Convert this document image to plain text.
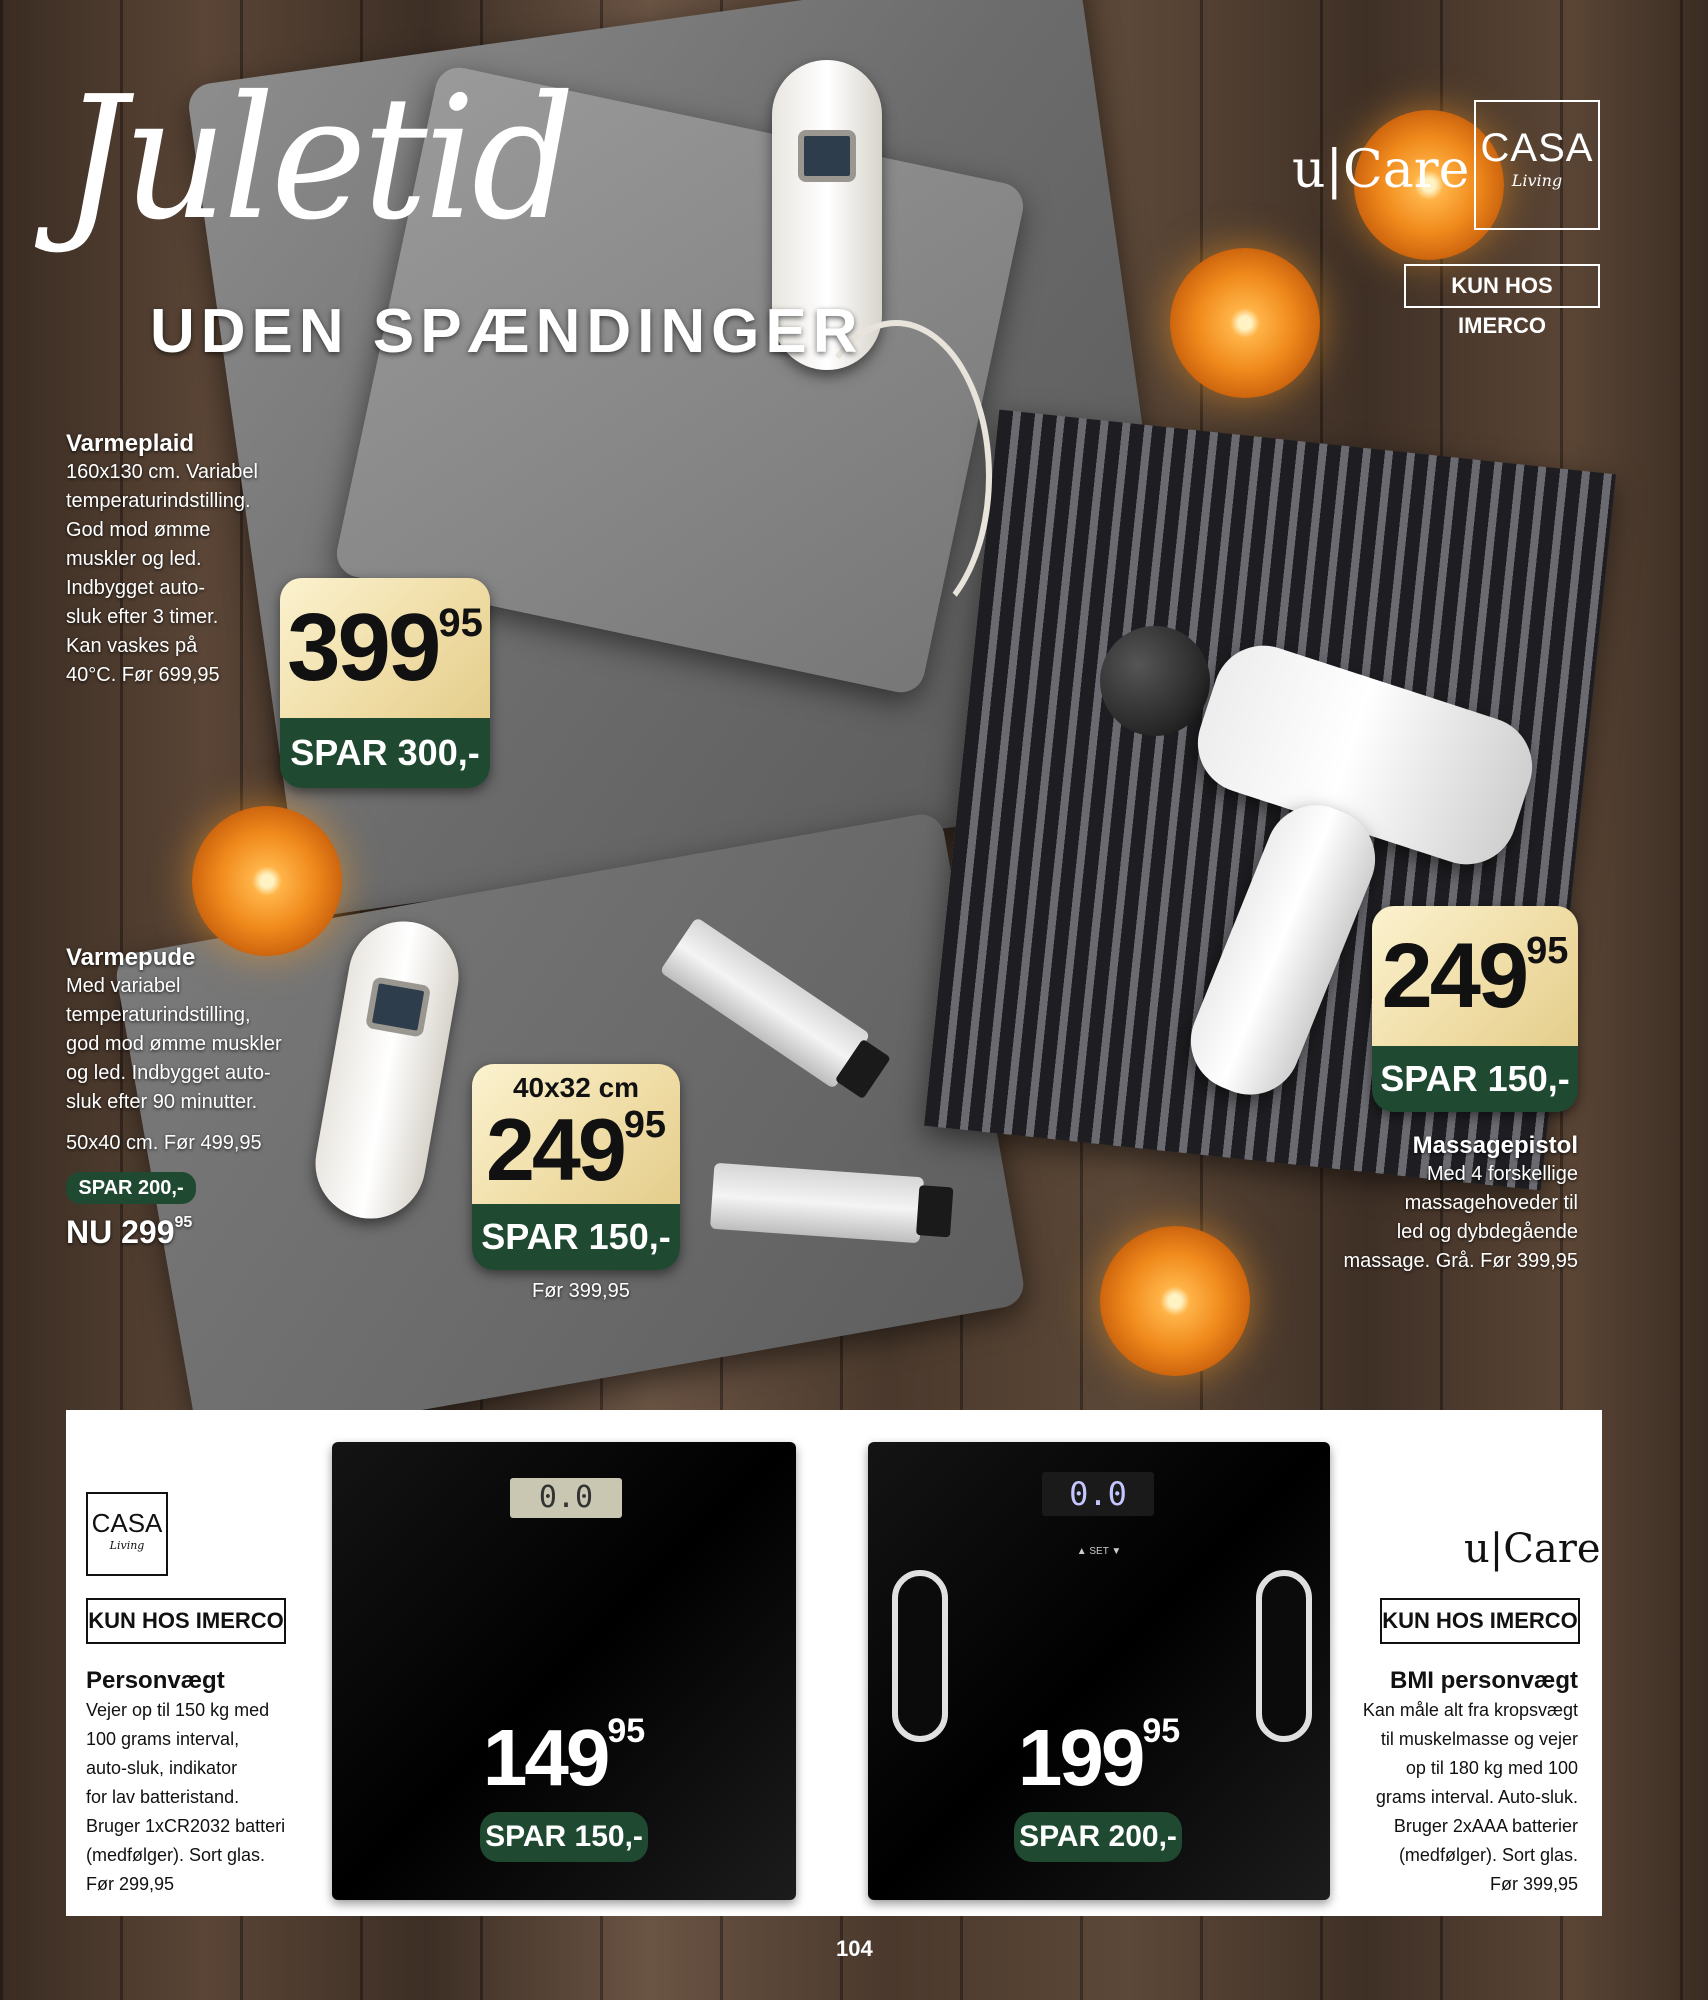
Juletid
UDEN SPÆNDINGER
u|Care CASA
Living
KUN HOS IMERCO
Varmeplaid
160x130 cm. Variabel
temperaturindstilling.
God mod ømme
muskler og led.
Indbygget auto-
sluk efter 3 timer.
Kan vaskes på
40°C. Før 699,95 39995
SPAR 300,-
Varmepude
Med variabel
temperaturindstilling,
god mod ømme muskler
og led. Indbygget auto-
sluk efter 90 minutter.
50x40 cm. Før 499,95
SPAR 200,-
NU 29995
40x32 cm
24995
SPAR 150,-
Før 399,95
24995
SPAR 150,-
Massagepistol
Med 4 forskellige
massagehoveder til
led og dybdegående
massage. Grå. Før 399,95
CASA
Living
KUN HOS IMERCO
Personvægt
Vejer op til 150 kg med
100 grams interval,
auto-sluk, indikator
for lav batteristand.
Bruger 1xCR2032 batteri
(medfølger). Sort glas.
Før 299,95
0.0
14995
SPAR 150,-
0.0
▲ SET ▼
19995
SPAR 200,-
u|Care
KUN HOS IMERCO
BMI personvægt
Kan måle alt fra kropsvægt
til muskelmasse og vejer
op til 180 kg med 100
grams interval. Auto-sluk.
Bruger 2xAAA batterier
(medfølger). Sort glas.
Før 399,95
104
